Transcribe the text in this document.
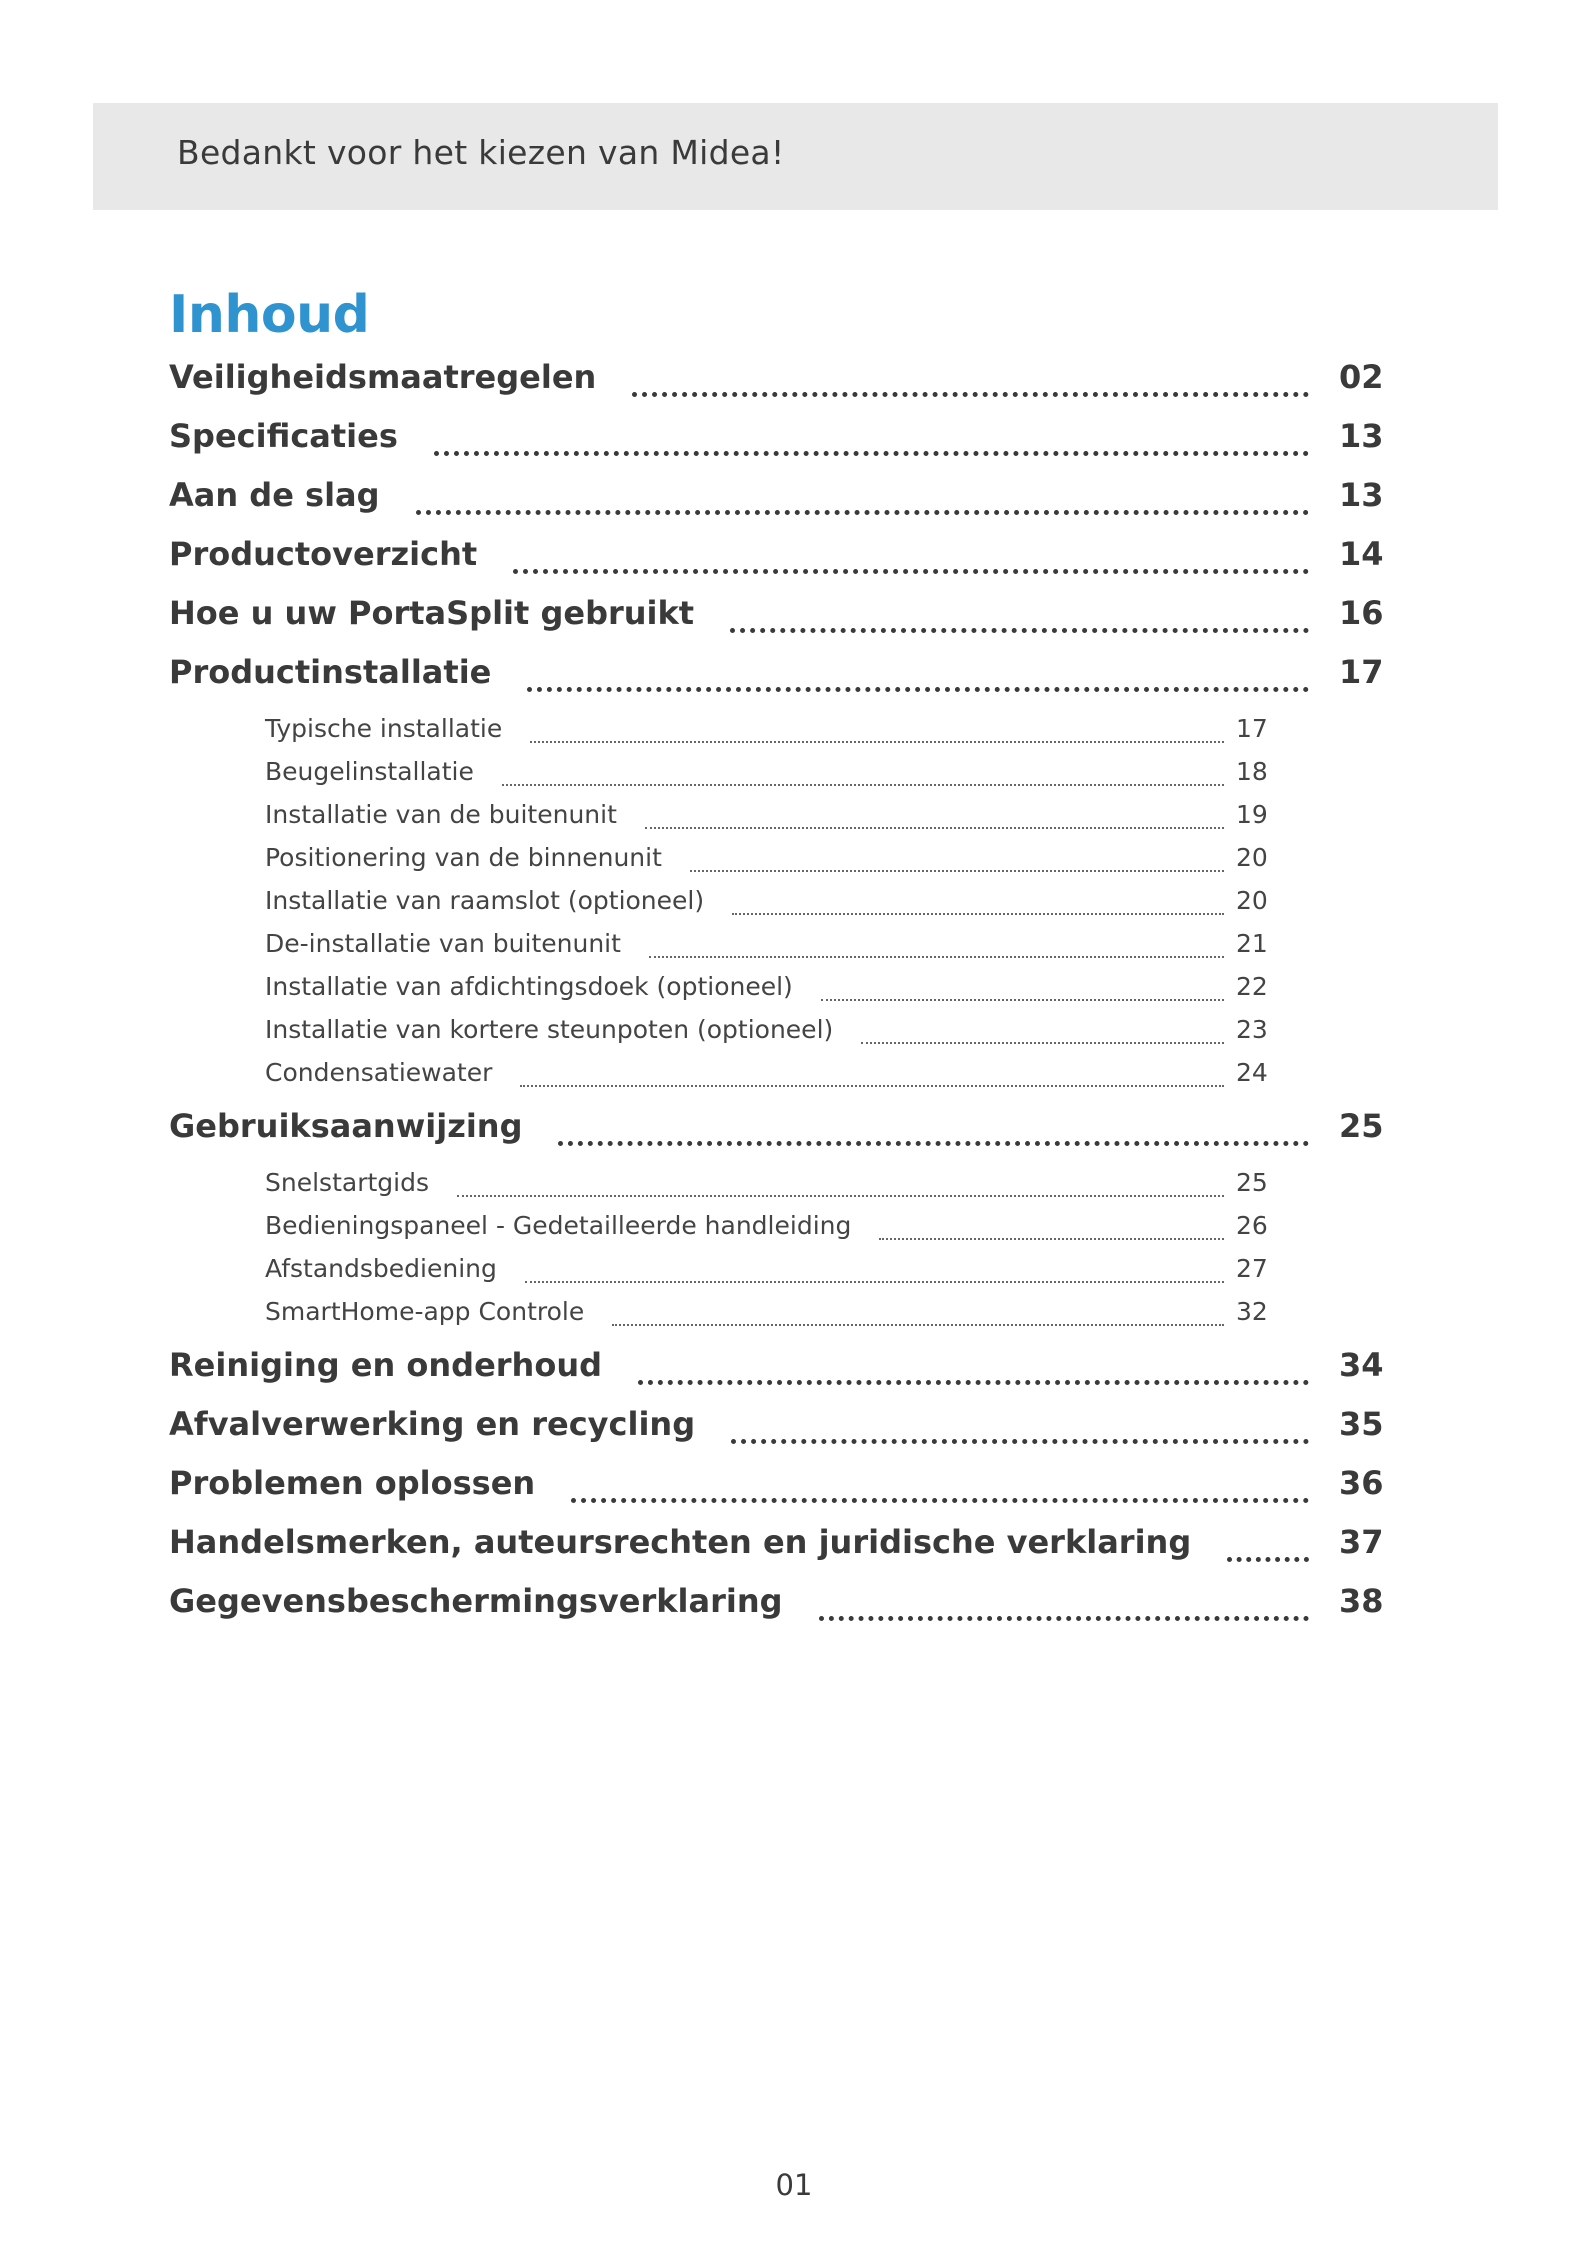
Bedankt voor het kiezen van Midea!
Inhoud
Veiligheidsmaatregelen	02
Specificaties	13
Aan de slag	13
Productoverzicht	14
Hoe u uw PortaSplit gebruikt	16
Productinstallatie	17
Typische installatie	17
Beugelinstallatie	18
Installatie van de buitenunit	19
Positionering van de binnenunit	20
Installatie van raamslot (optioneel)	20
De-installatie van buitenunit	21
Installatie van afdichtingsdoek (optioneel)	22
Installatie van kortere steunpoten (optioneel)	23
Condensatiewater	24
Gebruiksaanwijzing	25
Snelstartgids	25
Bedieningspaneel - Gedetailleerde handleiding	26
Afstandsbediening	27
SmartHome-app Controle	32
Reiniging en onderhoud	34
Afvalverwerking en recycling	35
Problemen oplossen	36
Handelsmerken, auteursrechten en juridische verklaring	37
Gegevensbeschermingsverklaring	38
01
